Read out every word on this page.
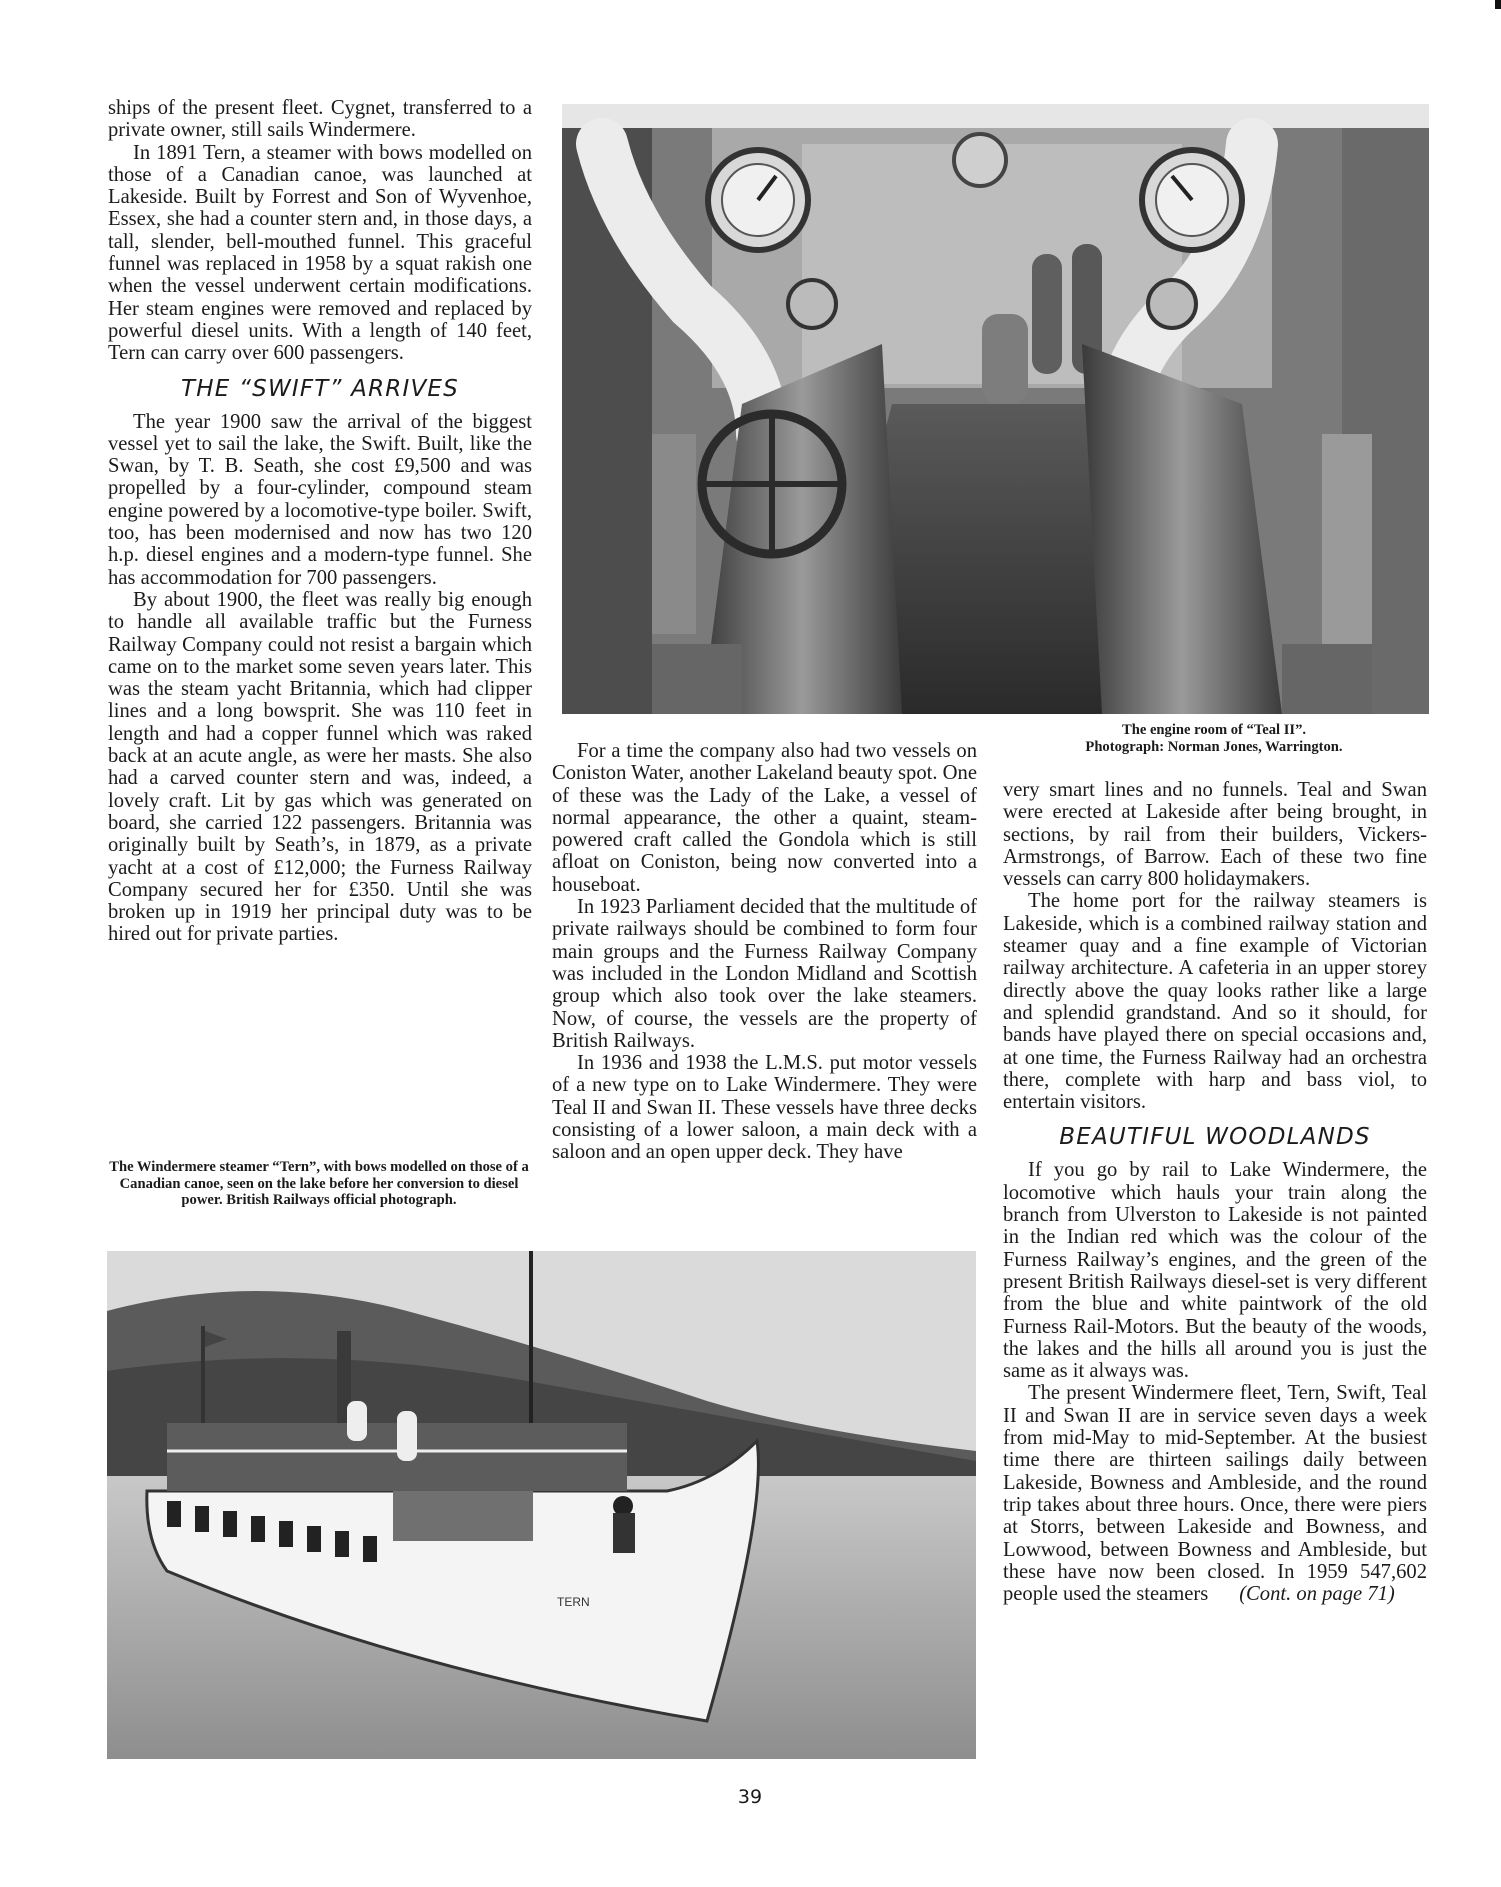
ships of the present fleet. Cygnet, transferred to a private owner, still sails Windermere.

In 1891 Tern, a steamer with bows modelled on those of a Canadian canoe, was launched at Lakeside. Built by Forrest and Son of Wyvenhoe, Essex, she had a counter stern and, in those days, a tall, slender, bell-mouthed funnel. This graceful funnel was replaced in 1958 by a squat rakish one when the vessel underwent certain modifications. Her steam engines were removed and replaced by powerful diesel units. With a length of 140 feet, Tern can carry over 600 passengers.

THE “SWIFT” ARRIVES

The year 1900 saw the arrival of the biggest vessel yet to sail the lake, the Swift. Built, like the Swan, by T. B. Seath, she cost £9,500 and was propelled by a four-cylinder, compound steam engine powered by a locomotive-type boiler. Swift, too, has been modernised and now has two 120 h.p. diesel engines and a modern-type funnel. She has accommodation for 700 passengers.

By about 1900, the fleet was really big enough to handle all available traffic but the Furness Railway Company could not resist a bargain which came on to the market some seven years later. This was the steam yacht Britannia, which had clipper lines and a long bowsprit. She was 110 feet in length and had a copper funnel which was raked back at an acute angle, as were her masts. She also had a carved counter stern and was, indeed, a lovely craft. Lit by gas which was generated on board, she carried 122 passengers. Britannia was originally built by Seath’s, in 1879, as a private yacht at a cost of £12,000; the Furness Railway Company secured her for £350. Until she was broken up in 1919 her principal duty was to be hired out for private parties.

The Windermere steamer “Tern”, with bows modelled on those of a Canadian canoe, seen on the lake before her conversion to diesel power. British Railways official photograph.
The engine room of “Teal II”.
Photograph: Norman Jones, Warrington.

For a time the company also had two vessels on Coniston Water, another Lakeland beauty spot. One of these was the Lady of the Lake, a vessel of normal appearance, the other a quaint, steam-powered craft called the Gondola which is still afloat on Coniston, being now converted into a houseboat.

In 1923 Parliament decided that the multitude of private railways should be combined to form four main groups and the Furness Railway Company was included in the London Midland and Scottish group which also took over the lake steamers. Now, of course, the vessels are the property of British Railways.

In 1936 and 1938 the L.M.S. put motor vessels of a new type on to Lake Windermere. They were Teal II and Swan II. These vessels have three decks consisting of a lower saloon, a main deck with a saloon and an open upper deck. They have

very smart lines and no funnels. Teal and Swan were erected at Lakeside after being brought, in sections, by rail from their builders, Vickers-Armstrongs, of Barrow. Each of these two fine vessels can carry 800 holidaymakers.

The home port for the railway steamers is Lakeside, which is a combined railway station and steamer quay and a fine example of Victorian railway architecture. A cafeteria in an upper storey directly above the quay looks rather like a large and splendid grandstand. And so it should, for bands have played there on special occasions and, at one time, the Furness Railway had an orchestra there, complete with harp and bass viol, to entertain visitors.

BEAUTIFUL WOODLANDS

If you go by rail to Lake Windermere, the locomotive which hauls your train along the branch from Ulverston to Lakeside is not painted in the Indian red which was the colour of the Furness Railway’s engines, and the green of the present British Railways diesel-set is very different from the blue and white paintwork of the old Furness Rail-Motors. But the beauty of the woods, the lakes and the hills all around you is just the same as it always was.

The present Windermere fleet, Tern, Swift, Teal II and Swan II are in service seven days a week from mid-May to mid-September. At the busiest time there are thirteen sailings daily between Lakeside, Bowness and Ambleside, and the round trip takes about three hours. Once, there were piers at Storrs, between Lakeside and Bowness, and Lowwood, between Bowness and Ambleside, but these have now been closed. In 1959 547,602 people used the steamers (Cont. on page 71)

TERN
39
